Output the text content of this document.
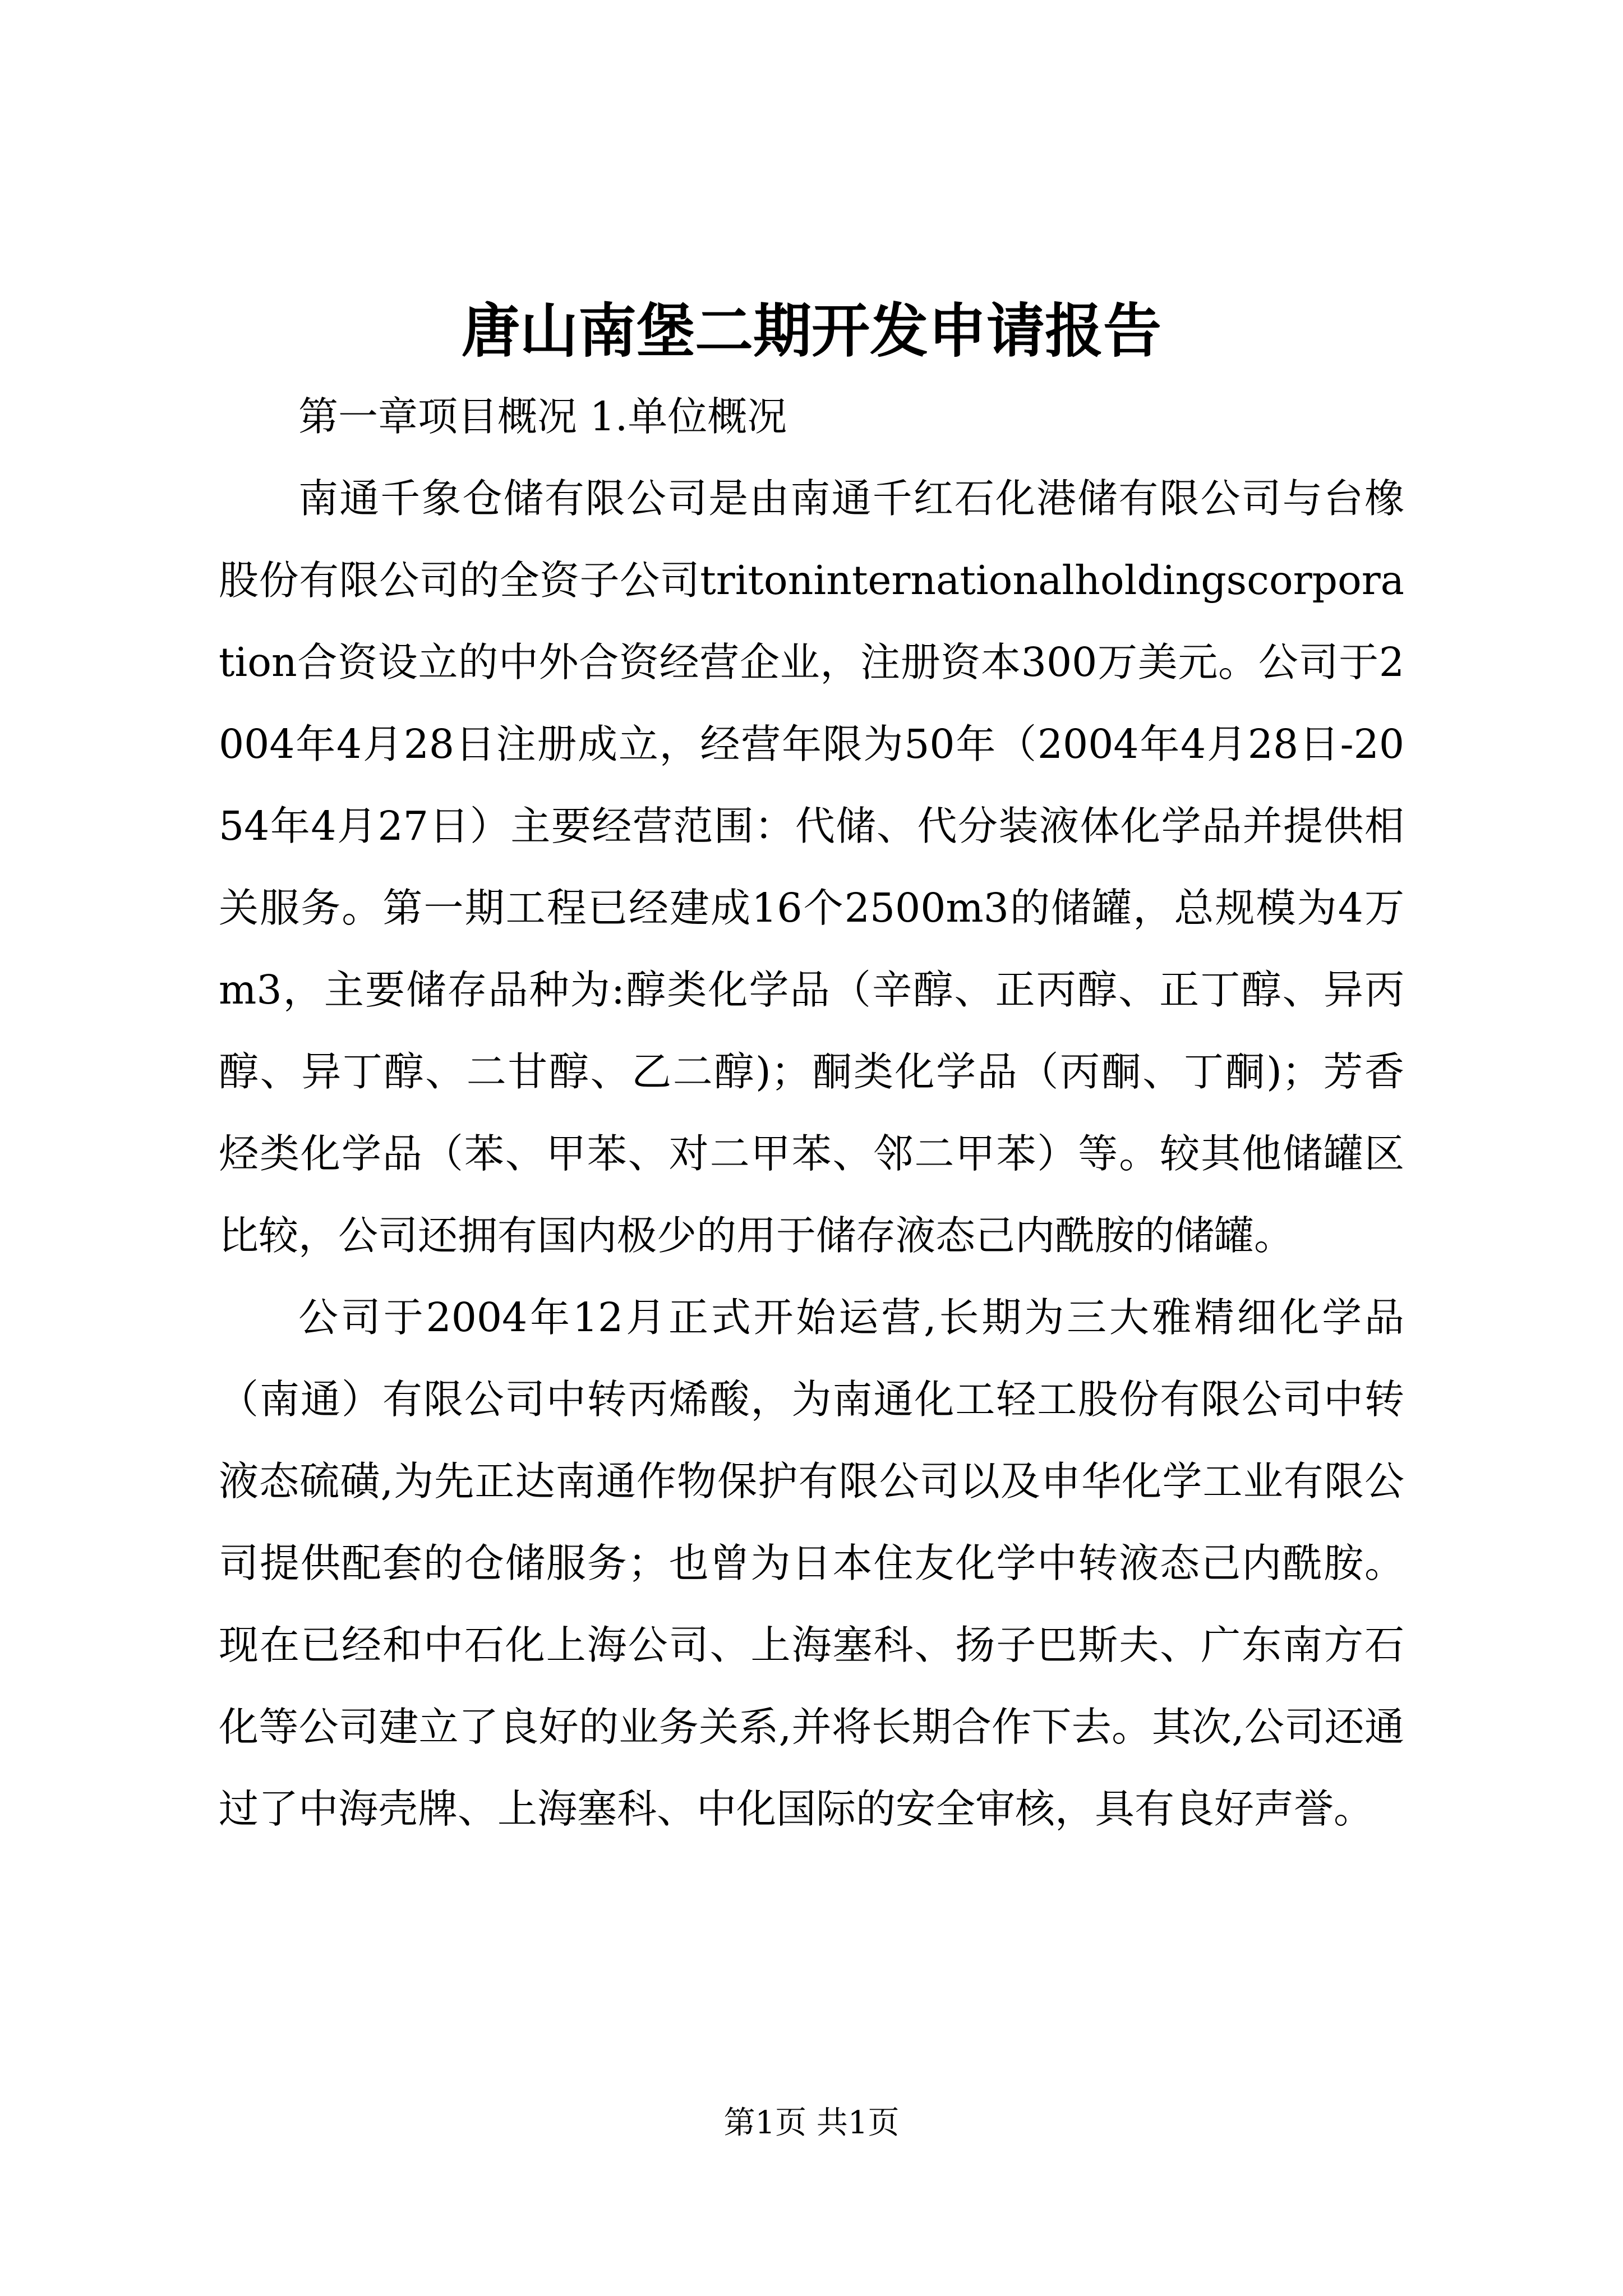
唐山南堡二期开发申请报告

第一章项目概况 1.单位概况

南通千象仓储有限公司是由南通千红石化港储有限公司与台橡股份有限公司的全资子公司tritoninternationalholdingscorporation合资设立的中外合资经营企业，注册资本300万美元。公司于2004年4月28日注册成立，经营年限为50年（2004年4月28日-2054年4月27日）主要经营范围：代储、代分装液体化学品并提供相关服务。第一期工程已经建成16个2500m3的储罐，总规模为4万m3，主要储存品种为:醇类化学品（辛醇、正丙醇、正丁醇、异丙醇、异丁醇、二甘醇、乙二醇)；酮类化学品（丙酮、丁酮)；芳香烃类化学品（苯、甲苯、对二甲苯、邻二甲苯）等。较其他储罐区比较，公司还拥有国内极少的用于储存液态己内酰胺的储罐。

公司于2004年12月正式开始运营,长期为三大雅精细化学品（南通）有限公司中转丙烯酸，为南通化工轻工股份有限公司中转液态硫磺,为先正达南通作物保护有限公司以及申华化学工业有限公司提供配套的仓储服务；也曾为日本住友化学中转液态己内酰胺。现在已经和中石化上海公司、上海塞科、扬子巴斯夫、广东南方石化等公司建立了良好的业务关系,并将长期合作下去。其次,公司还通过了中海壳牌、上海塞科、中化国际的安全审核，具有良好声誉。

第1页 共1页
